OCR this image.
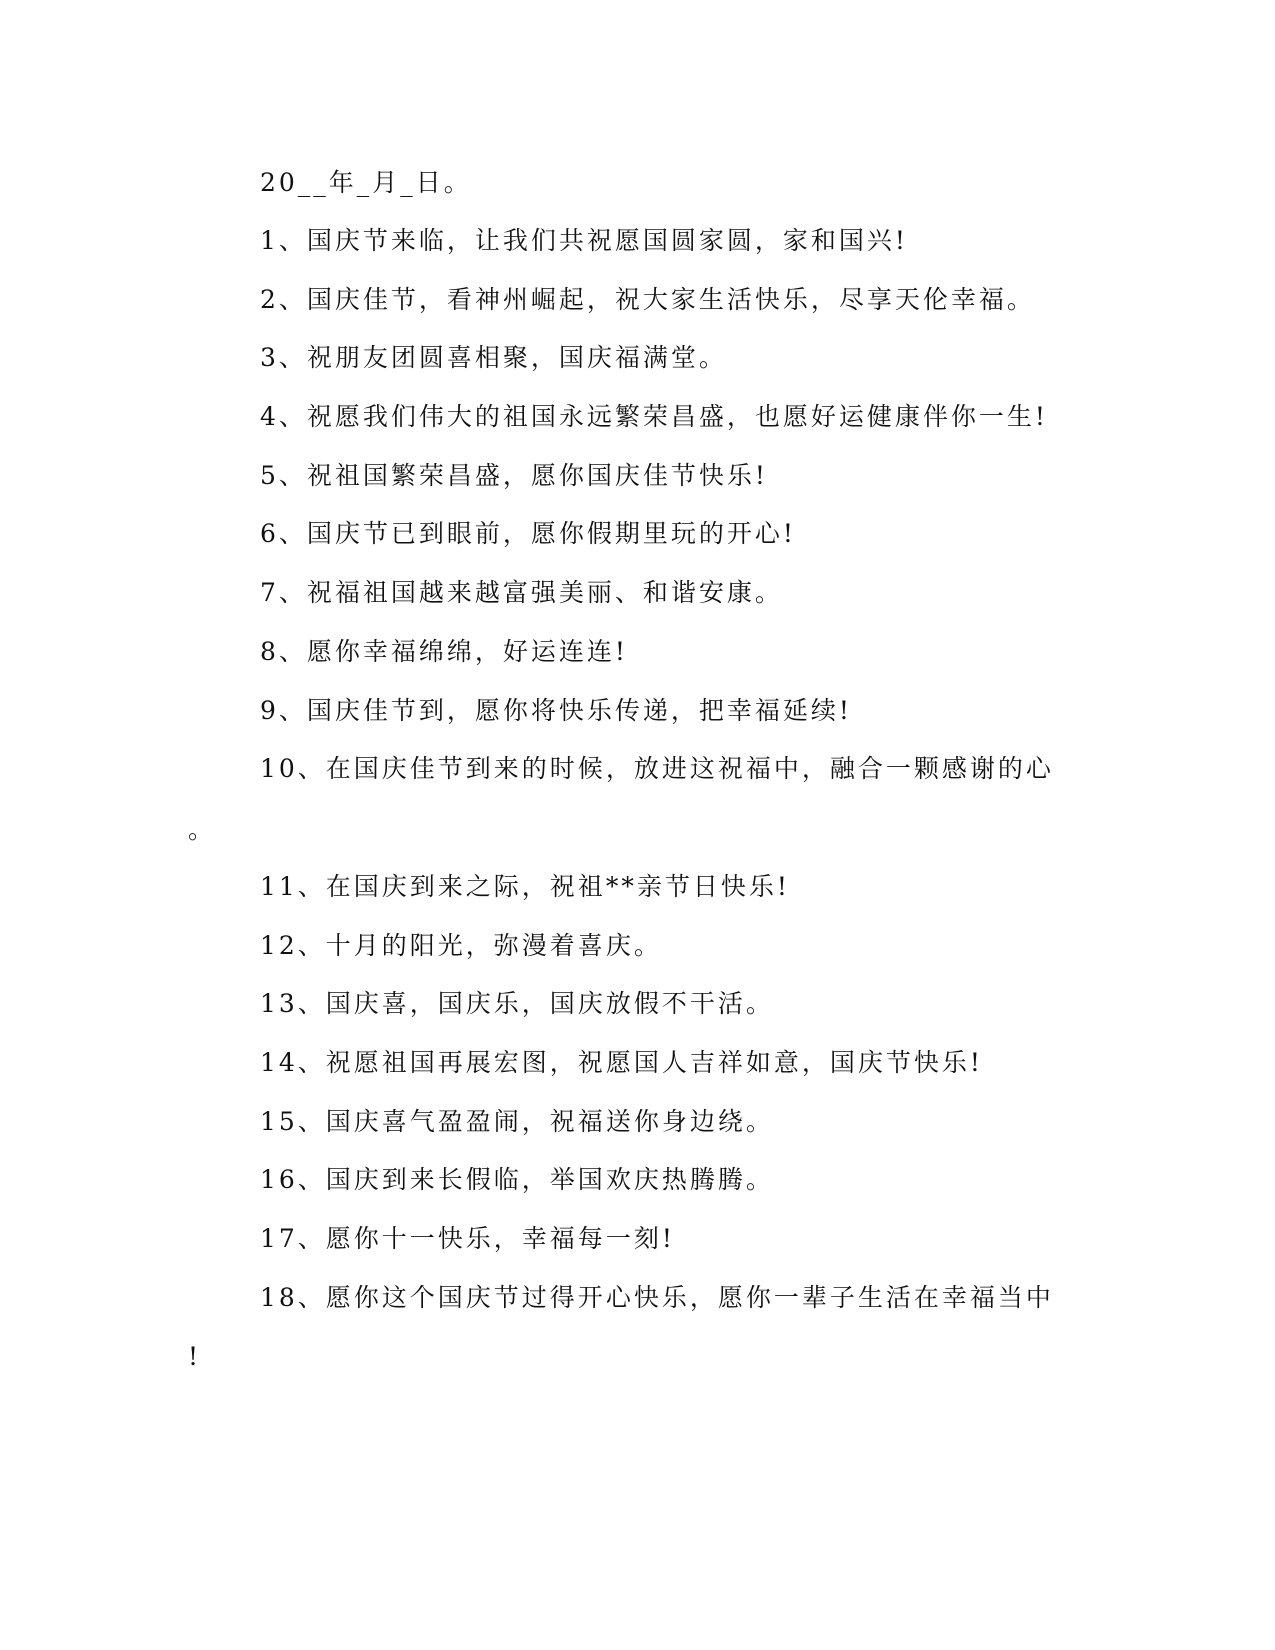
20__年_月_日。
1、国庆节来临，让我们共祝愿国圆家圆，家和国兴!
2、国庆佳节，看神州崛起，祝大家生活快乐，尽享天伦幸福。
3、祝朋友团圆喜相聚，国庆福满堂。
4、祝愿我们伟大的祖国永远繁荣昌盛，也愿好运健康伴你一生!
5、祝祖国繁荣昌盛，愿你国庆佳节快乐!
6、国庆节已到眼前，愿你假期里玩的开心!
7、祝福祖国越来越富强美丽、和谐安康。
8、愿你幸福绵绵，好运连连!
9、国庆佳节到，愿你将快乐传递，把幸福延续!
10、在国庆佳节到来的时候，放进这祝福中，融合一颗感谢的心
。
11、在国庆到来之际，祝祖**亲节日快乐!
12、十月的阳光，弥漫着喜庆。
13、国庆喜，国庆乐，国庆放假不干活。
14、祝愿祖国再展宏图，祝愿国人吉祥如意，国庆节快乐!
15、国庆喜气盈盈闹，祝福送你身边绕。
16、国庆到来长假临，举国欢庆热腾腾。
17、愿你十一快乐，幸福每一刻!
18、愿你这个国庆节过得开心快乐，愿你一辈子生活在幸福当中
!
